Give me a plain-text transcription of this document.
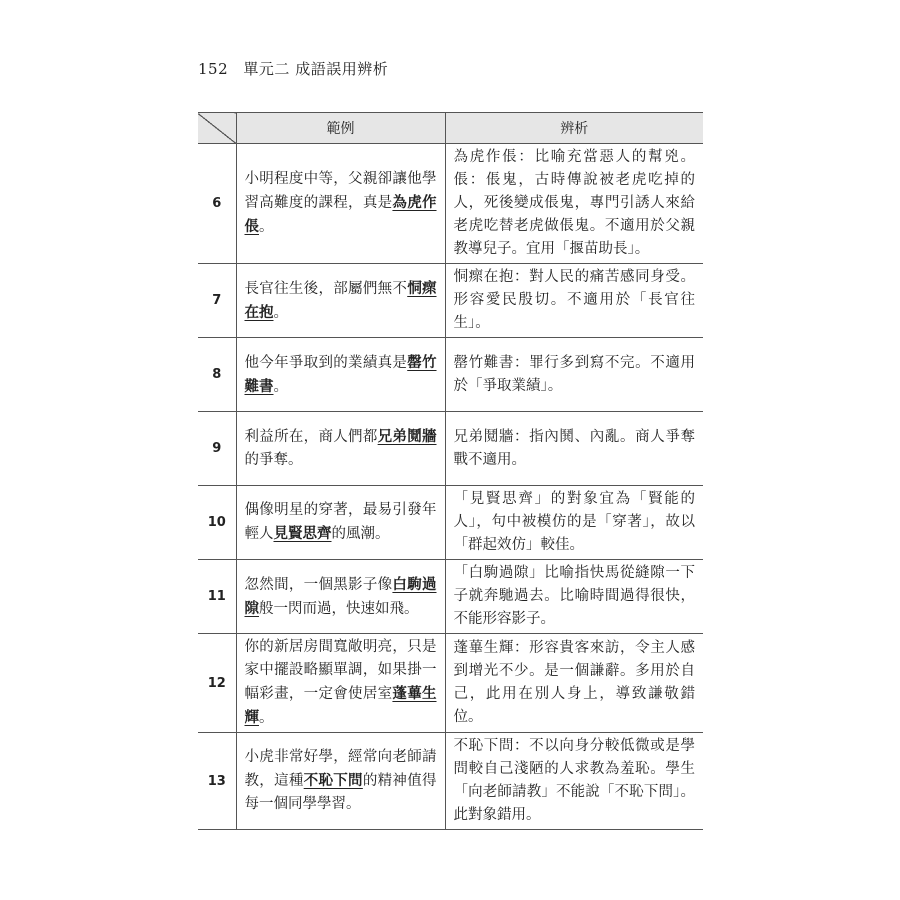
152 單元二 成語誤用辨析
	範例	辨析
6	小明程度中等，父親卻讓他學習高難度的課程，真是為虎作倀。	為虎作倀：比喻充當惡人的幫兇。倀：倀鬼，古時傳說被老虎吃掉的人，死後變成倀鬼，專門引誘人來給老虎吃替老虎做倀鬼。不適用於父親教導兒子。宜用「揠苗助長」。
7	長官往生後，部屬們無不恫瘝在抱。	恫瘝在抱：對人民的痛苦感同身受。形容愛民殷切。不適用於「長官往生」。
8	他今年爭取到的業績真是罄竹難書。	罄竹難書：罪行多到寫不完。不適用於「爭取業績」。
9	利益所在，商人們都兄弟鬩牆的爭奪。	兄弟鬩牆：指內鬨、內亂。商人爭奪戰不適用。
10	偶像明星的穿著，最易引發年輕人見賢思齊的風潮。	「見賢思齊」的對象宜為「賢能的人」，句中被模仿的是「穿著」，故以「群起效仿」較佳。
11	忽然間，一個黑影子像白駒過隙般一閃而過，快速如飛。	「白駒過隙」比喻指快馬從縫隙一下子就奔馳過去。比喻時間過得很快，不能形容影子。
12	你的新居房間寬敞明亮，只是家中擺設略顯單調，如果掛一幅彩畫，一定會使居室蓬蓽生輝。	蓬蓽生輝：形容貴客來訪，令主人感到增光不少。是一個謙辭。多用於自己，此用在別人身上，導致謙敬錯位。
13	小虎非常好學，經常向老師請教，這種不恥下問的精神值得每一個同學學習。	不恥下問：不以向身分較低微或是學問較自己淺陋的人求教為羞恥。學生「向老師請教」不能說「不恥下問」。此對象錯用。
